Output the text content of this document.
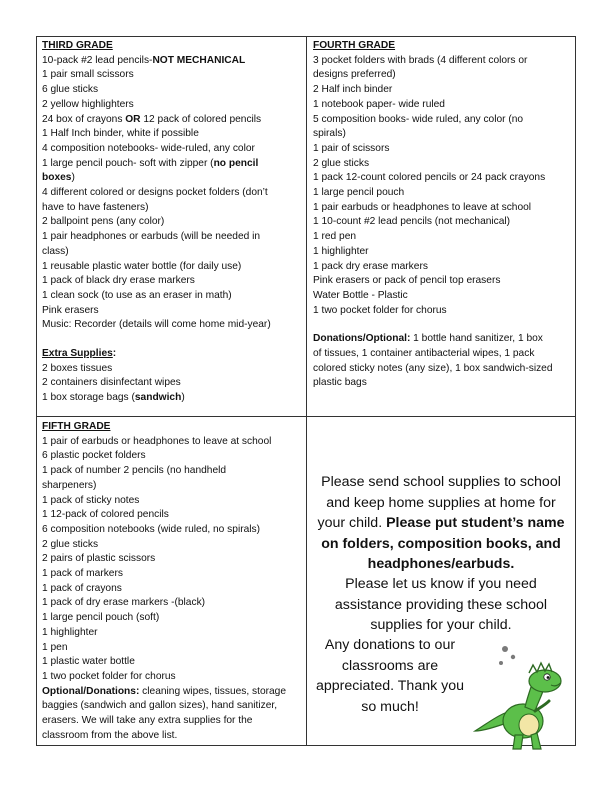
THIRD GRADE
10-pack #2 lead pencils-NOT MECHANICAL
1 pair small scissors
6 glue sticks
2 yellow highlighters
24 box of crayons OR 12 pack of colored pencils
1 Half Inch binder, white if possible
4 composition notebooks- wide-ruled, any color
1 large pencil pouch- soft with zipper (no pencil
boxes)
4 different colored or designs pocket folders (don’t
have to have fasteners)
2 ballpoint pens (any color)
1 pair headphones or earbuds (will be needed in
class)
1 reusable plastic water bottle (for daily use)
1 pack of black dry erase markers
1 clean sock (to use as an eraser in math)
Pink erasers
Music: Recorder (details will come home mid-year)
Extra Supplies:
2 boxes tissues
2 containers disinfectant wipes
1 box storage bags (sandwich)
FOURTH GRADE
3 pocket folders with brads (4 different colors or
designs preferred)
2 Half inch binder
1 notebook paper- wide ruled
5 composition books- wide ruled, any color (no
spirals)
1 pair of scissors
2 glue sticks
1 pack 12-count colored pencils or 24 pack crayons
1 large pencil pouch
1 pair earbuds or headphones to leave at school
1 10-count #2 lead pencils (not mechanical)
1 red pen
1 highlighter
1 pack dry erase markers
Pink erasers or pack of pencil top erasers
Water Bottle - Plastic
1 two pocket folder for chorus
Donations/Optional: 1 bottle hand sanitizer, 1 box
of tissues, 1 container antibacterial wipes, 1 pack
colored sticky notes (any size), 1 box sandwich-sized
plastic bags
FIFTH GRADE
1 pair of earbuds or headphones to leave at school
6 plastic pocket folders
1 pack of number 2 pencils (no handheld
sharpeners)
1 pack of sticky notes
1 12-pack of colored pencils
6 composition notebooks (wide ruled, no spirals)
2 glue sticks
2 pairs of plastic scissors
1 pack of markers
1 pack of crayons
1 pack of dry erase markers -(black)
1 large pencil pouch (soft)
1 highlighter
1 pen
1 plastic water bottle
1 two pocket folder for chorus
Optional/Donations: cleaning wipes, tissues, storage
baggies (sandwich and gallon sizes), hand sanitizer,
erasers. We will take any extra supplies for the
classroom from the above list.
Please send school supplies to school and keep home supplies at home for your child. Please put student’s name on folders, composition books, and headphones/earbuds.
Please let us know if you need assistance providing these school supplies for your child.
Any donations to our classrooms are appreciated. Thank you so much!
